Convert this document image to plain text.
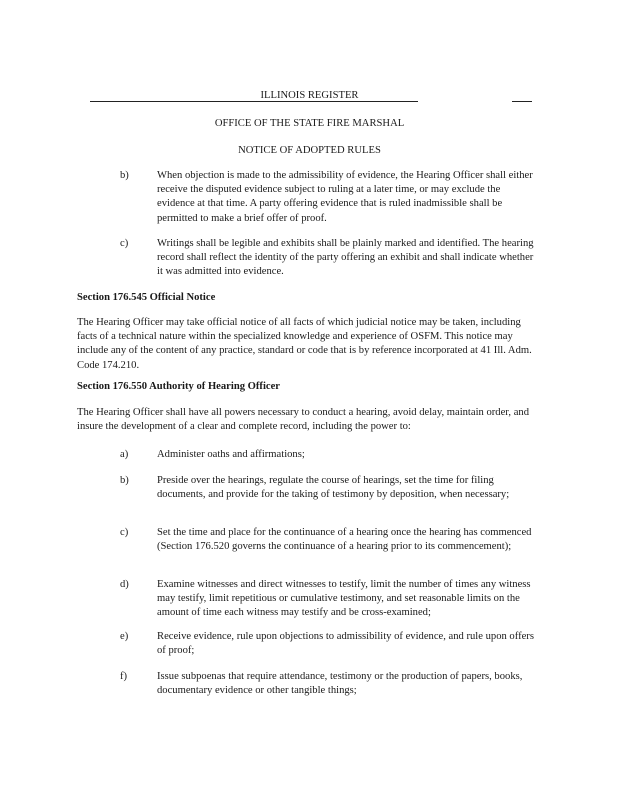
ILLINOIS REGISTER
OFFICE OF THE STATE FIRE MARSHAL
NOTICE OF ADOPTED RULES
b)	When objection is made to the admissibility of evidence, the Hearing Officer shall either receive the disputed evidence subject to ruling at a later time, or may exclude the evidence at that time. A party offering evidence that is ruled inadmissible shall be permitted to make a brief offer of proof.
c)	Writings shall be legible and exhibits shall be plainly marked and identified. The hearing record shall reflect the identity of the party offering an exhibit and shall indicate whether it was admitted into evidence.
Section 176.545 Official Notice
The Hearing Officer may take official notice of all facts of which judicial notice may be taken, including facts of a technical nature within the specialized knowledge and experience of OSFM. This notice may include any of the content of any practice, standard or code that is by reference incorporated at 41 Ill. Adm. Code 174.210.
Section 176.550 Authority of Hearing Officer
The Hearing Officer shall have all powers necessary to conduct a hearing, avoid delay, maintain order, and insure the development of a clear and complete record, including the power to:
a)	Administer oaths and affirmations;
b)	Preside over the hearings, regulate the course of hearings, set the time for filing documents, and provide for the taking of testimony by deposition, when necessary;
c)	Set the time and place for the continuance of a hearing once the hearing has commenced (Section 176.520 governs the continuance of a hearing prior to its commencement);
d)	Examine witnesses and direct witnesses to testify, limit the number of times any witness may testify, limit repetitious or cumulative testimony, and set reasonable limits on the amount of time each witness may testify and be cross-examined;
e)	Receive evidence, rule upon objections to admissibility of evidence, and rule upon offers of proof;
f)	Issue subpoenas that require attendance, testimony or the production of papers, books, documentary evidence or other tangible things;
